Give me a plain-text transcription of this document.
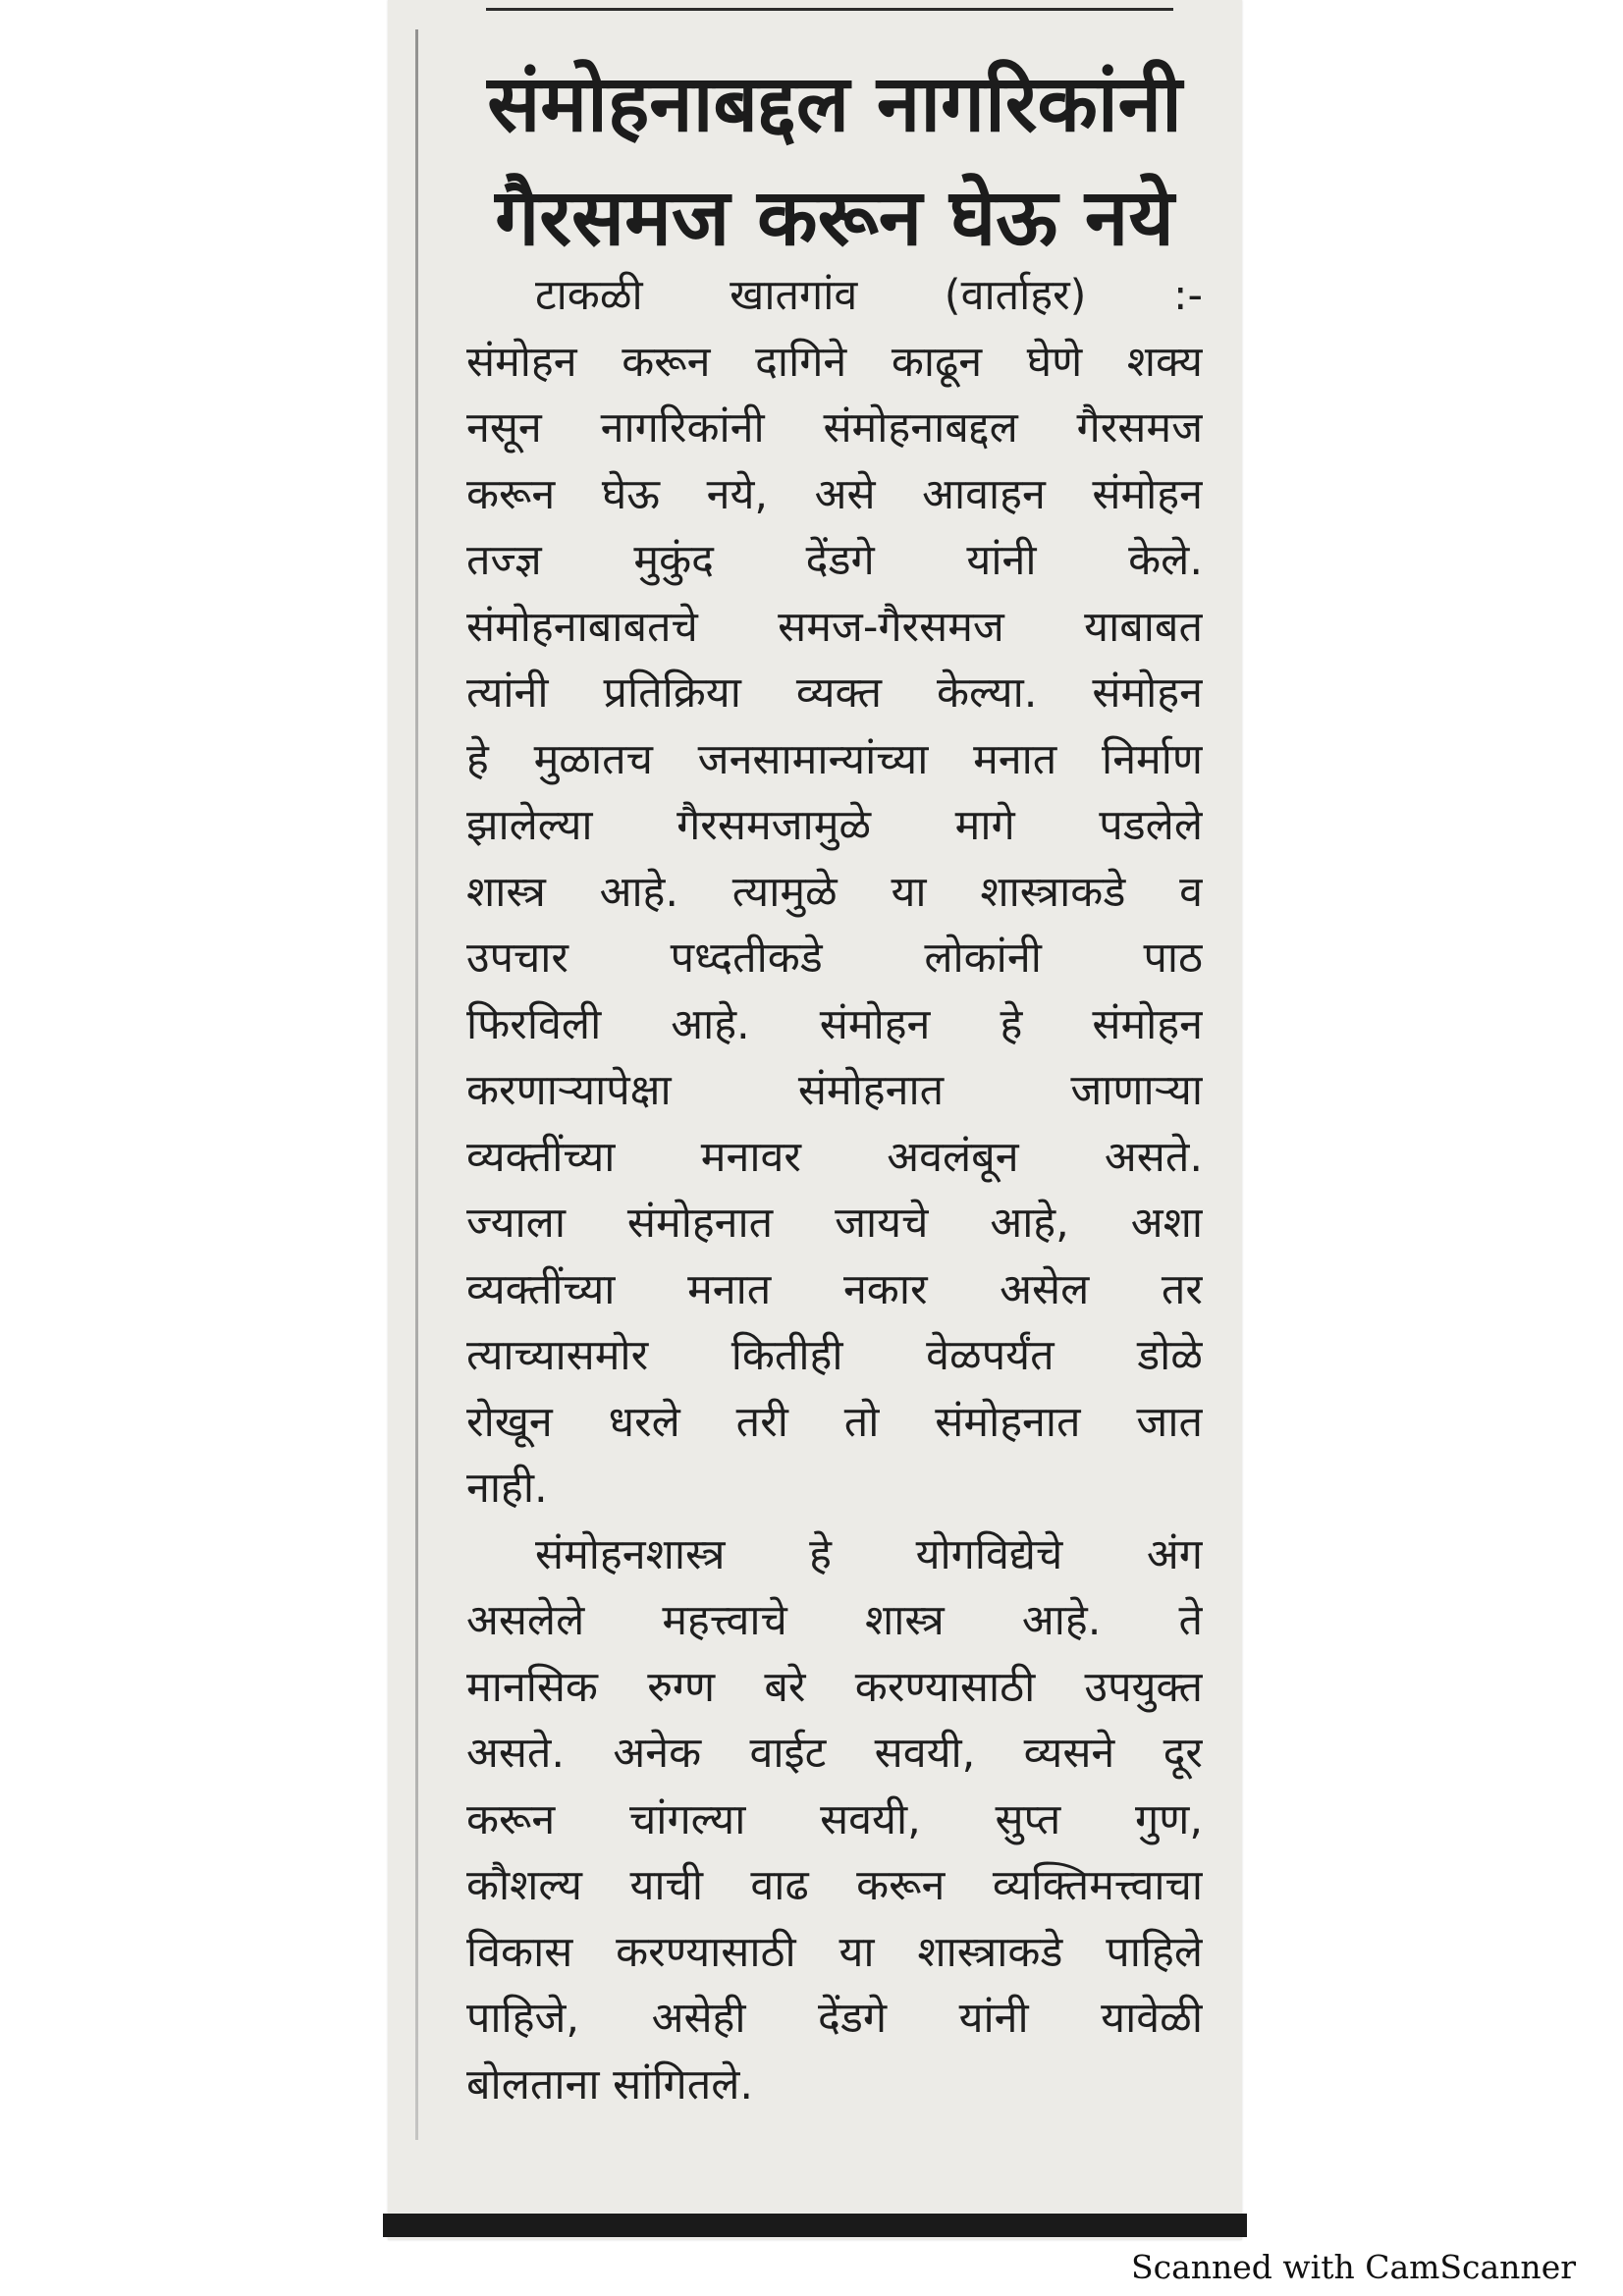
संमोहनाबद्दल नागरिकांनी
गैरसमज करून घेऊ नये
टाकळी खातगांव (वार्ताहर) :-
संमोहन करून दागिने काढून घेणे शक्य
नसून नागरिकांनी संमोहनाबद्दल गैरसमज
करून घेऊ नये, असे आवाहन संमोहन
तज्ज्ञ मुकुंद देंडगे यांनी केले.
संमोहनाबाबतचे समज-गैरसमज याबाबत
त्यांनी प्रतिक्रिया व्यक्त केल्या. संमोहन
हे मुळातच जनसामान्यांच्या मनात निर्माण
झालेल्या गैरसमजामुळे मागे पडलेले
शास्त्र आहे. त्यामुळे या शास्त्राकडे व
उपचार पध्दतीकडे लोकांनी पाठ
फिरविली आहे. संमोहन हे संमोहन
करणाऱ्यापेक्षा संमोहनात जाणाऱ्या
व्यक्तींच्या मनावर अवलंबून असते.
ज्याला संमोहनात जायचे आहे, अशा
व्यक्तींच्या मनात नकार असेल तर
त्याच्यासमोर कितीही वेळपर्यंत डोळे
रोखून धरले तरी तो संमोहनात जात
नाही.
संमोहनशास्त्र हे योगविद्येचे अंग
असलेले महत्त्वाचे शास्त्र आहे. ते
मानसिक रुग्ण बरे करण्यासाठी उपयुक्त
असते. अनेक वाईट सवयी, व्यसने दूर
करून चांगल्या सवयी, सुप्त गुण,
कौशल्य याची वाढ करून व्यक्तिमत्त्वाचा
विकास करण्यासाठी या शास्त्राकडे पाहिले
पाहिजे, असेही देंडगे यांनी यावेळी
बोलताना सांगितले.
Scanned with CamScanner
